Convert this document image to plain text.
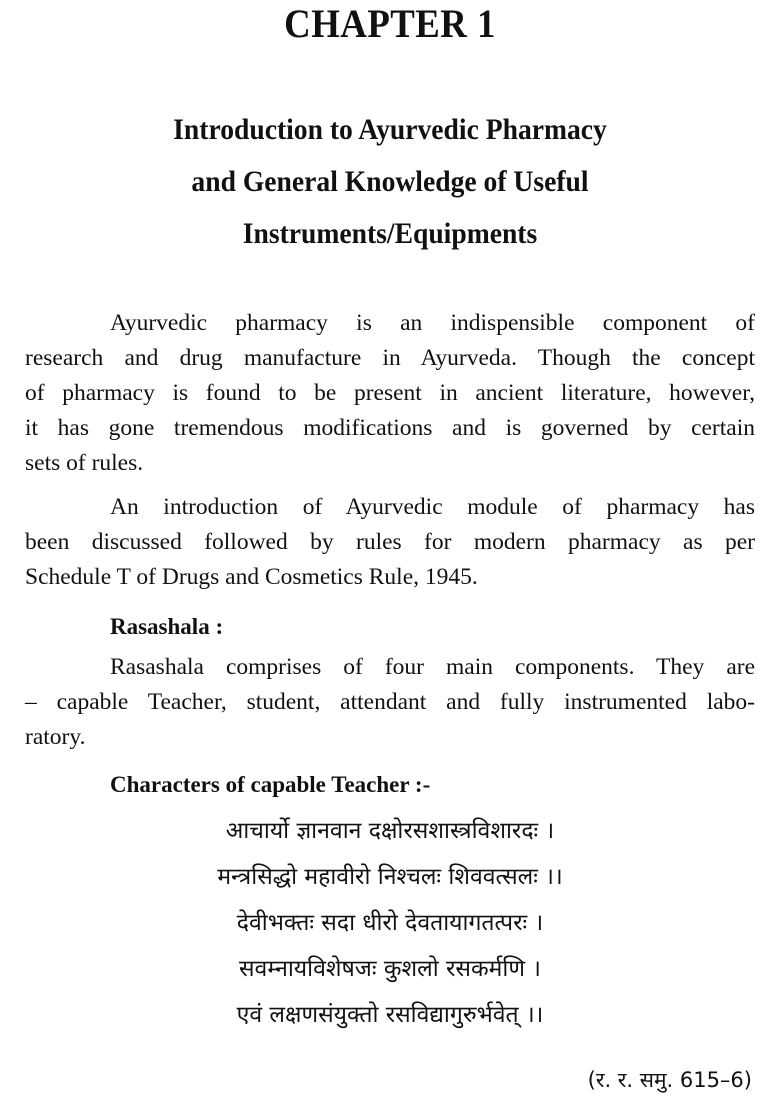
CHAPTER 1
Introduction to Ayurvedic Pharmacy
and General Knowledge of Useful
Instruments/Equipments
Ayurvedic pharmacy is an indispensible component of
research and drug manufacture in Ayurveda. Though the concept
of pharmacy is found to be present in ancient literature, however,
it has gone tremendous modifications and is governed by certain
sets of rules.
An introduction of Ayurvedic module of pharmacy has
been discussed followed by rules for modern pharmacy as per
Schedule T of Drugs and Cosmetics Rule, 1945.
Rasashala :
Rasashala comprises of four main components. They are
– capable Teacher, student, attendant and fully instrumented labo-
ratory.
Characters of capable Teacher :-
आचार्यो ज्ञानवान दक्षोरसशास्त्रविशारदः ।
मन्त्रसिद्धो महावीरो निश्चलः शिववत्सलः ।।
देवीभक्तः सदा धीरो देवतायागतत्परः ।
सवम्नायविशेषजः कुशलो रसकर्मणि ।
एवं लक्षणसंयुक्तो रसविद्यागुरुर्भवेत् ।।
(र. र. समु. 615–6)
